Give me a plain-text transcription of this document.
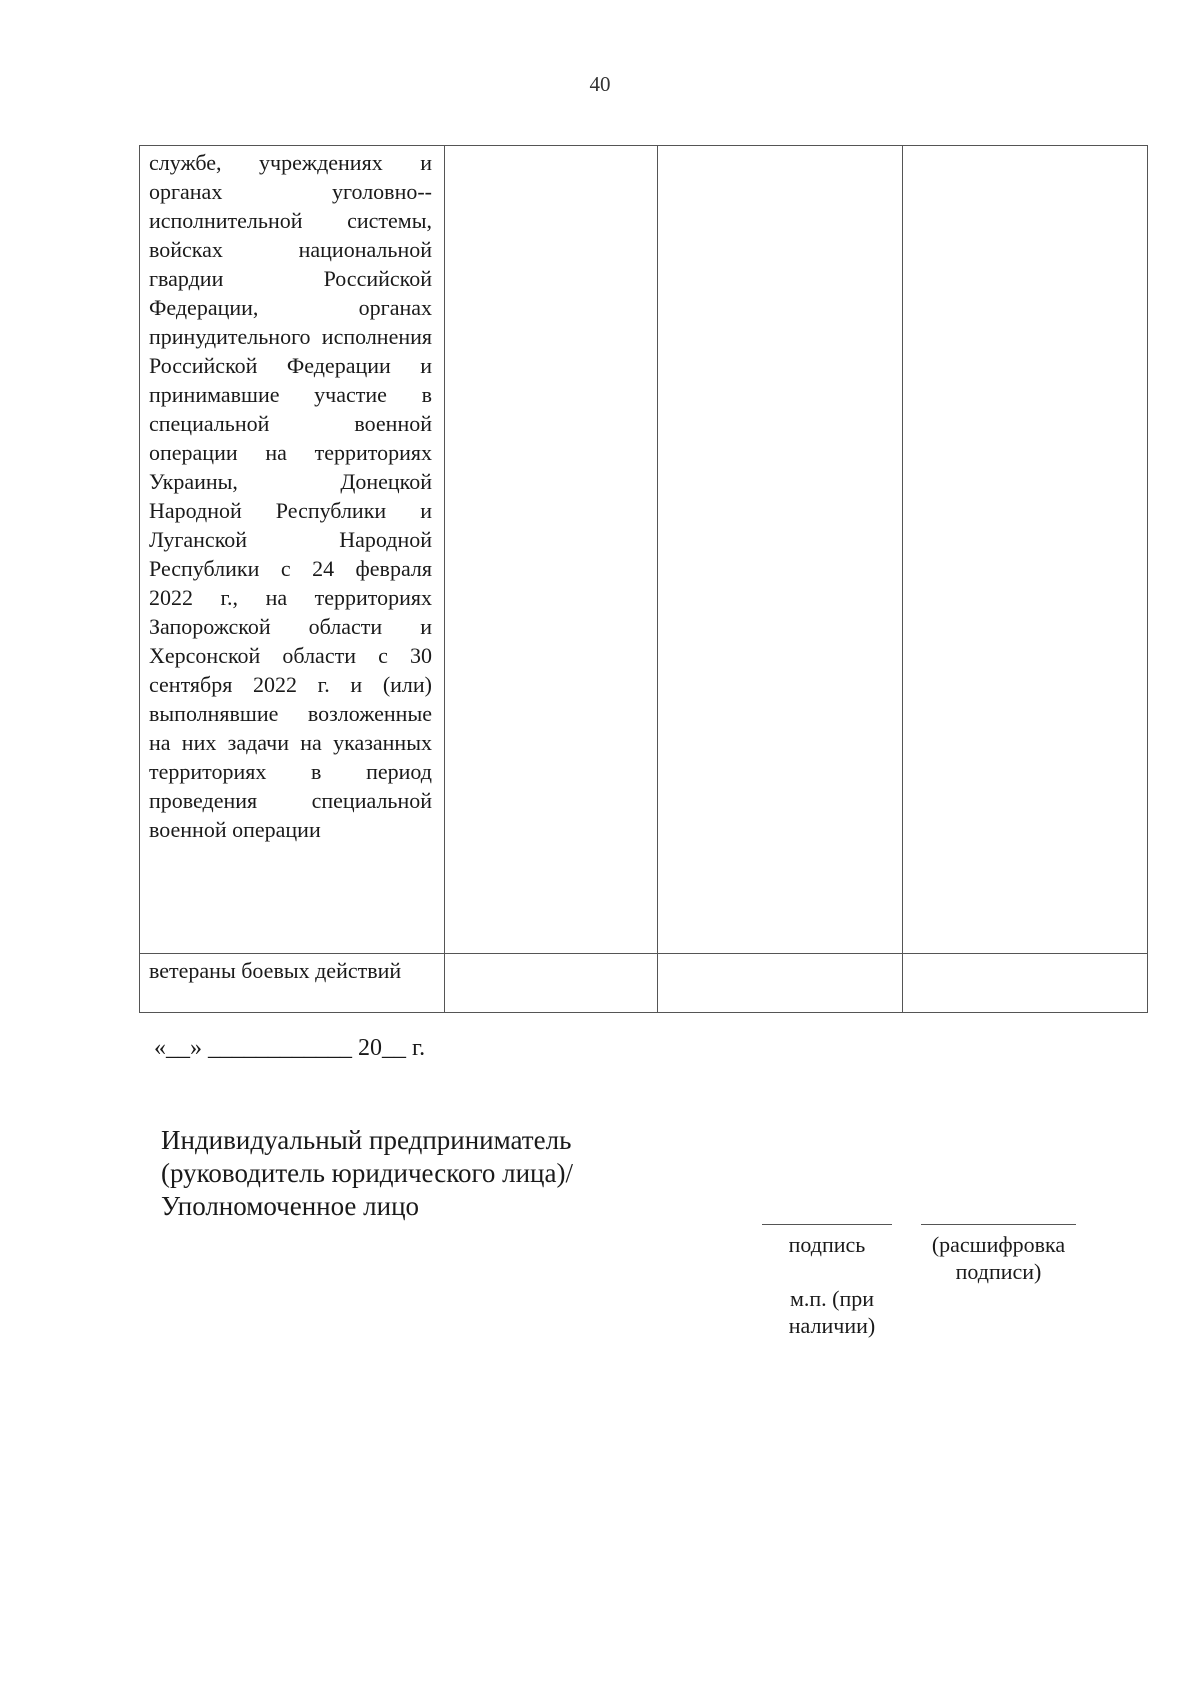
40
службе, учреждениях и органах уголовно-исполнительной системы, войсках национальной гвардии Российской Федерации, органах принудительного исполнения Российской Федерации и принимавшие участие в специальной военной операции на территориях Украины, Донецкой Народной Республики и Луганской Народной Республики с 24 февраля 2022 г., на территориях Запорожской области и Херсонской области с 30 сентября 2022 г. и (или) выполнявшие возложенные на них задачи на указанных территориях в период проведения специальной военной операции			
ветераны боевых действий			
«__» ____________ 20__ г.
Индивидуальный предприниматель
(руководитель юридического лица)/
Уполномоченное лицо
подпись	(расшифровка
подписи)
м.п. (при
наличии)
